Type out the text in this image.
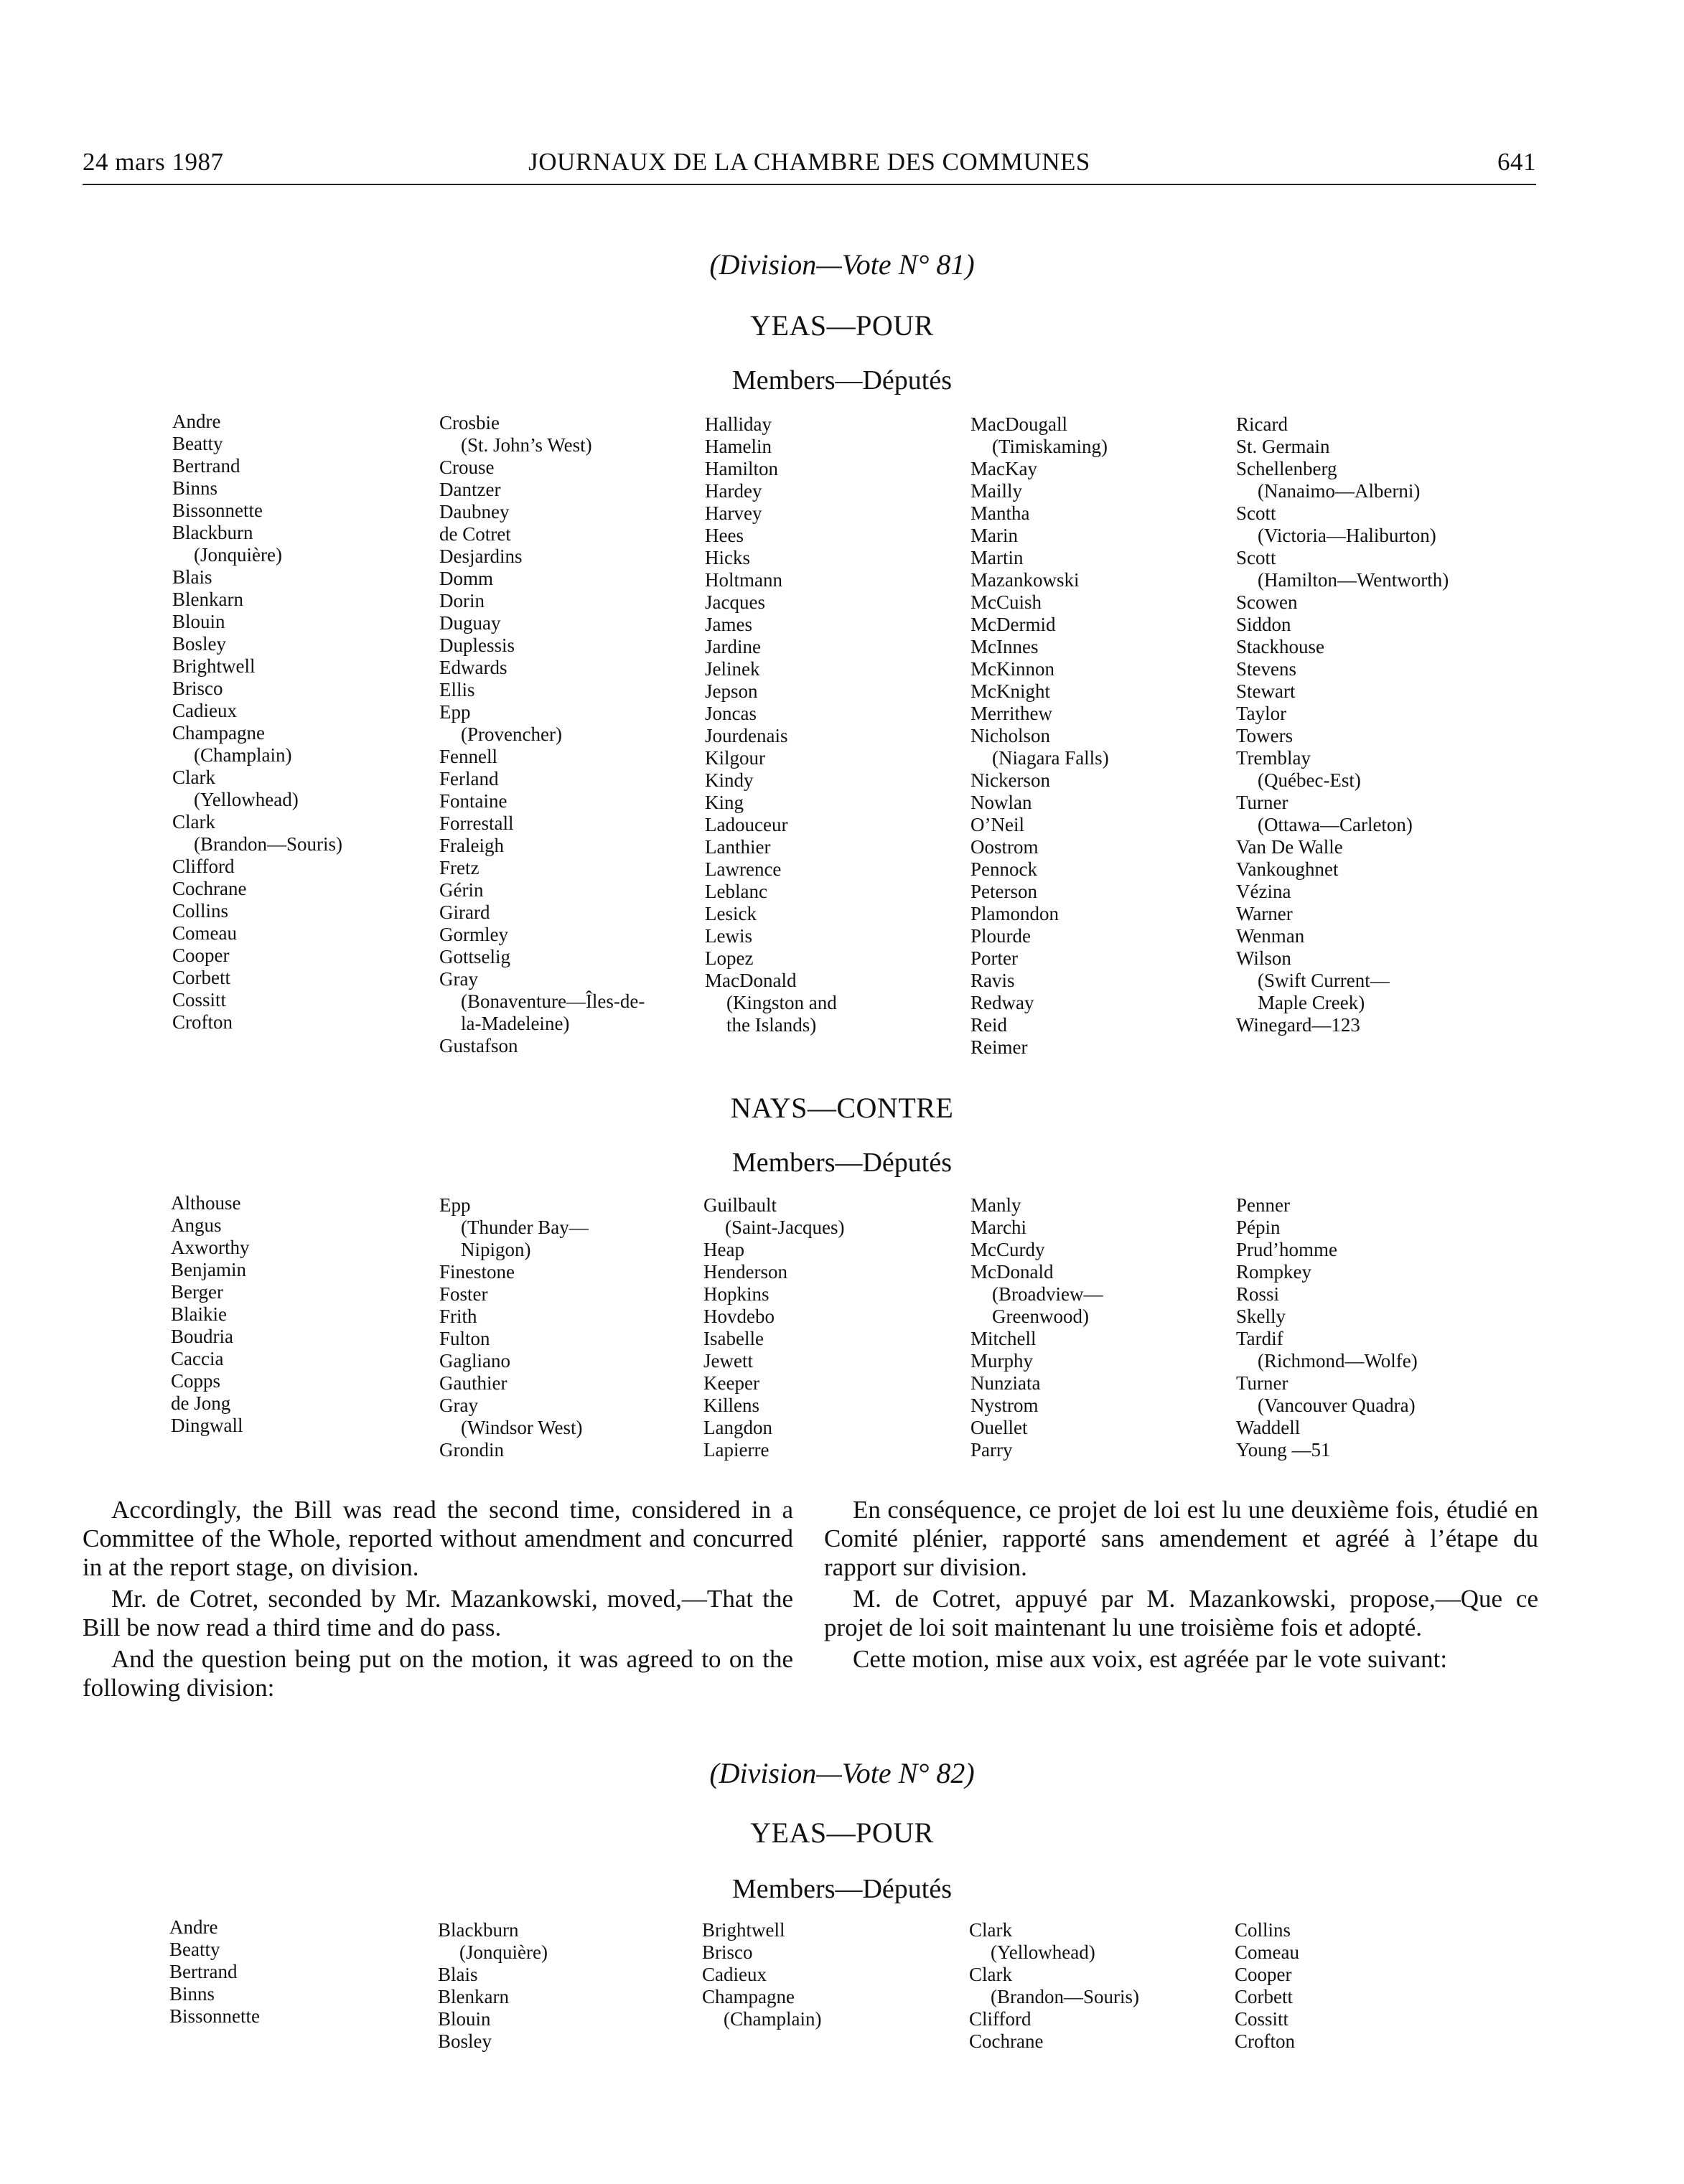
24 mars 1987	JOURNAUX DE LA CHAMBRE DES COMMUNES	641
(Division—Vote N° 81)
YEAS—POUR
Members—Députés
Andre
Beatty
Bertrand
Binns
Bissonnette
Blackburn
(Jonquière)
Blais
Blenkarn
Blouin
Bosley
Brightwell
Brisco
Cadieux
Champagne
(Champlain)
Clark
(Yellowhead)
Clark
(Brandon—Souris)
Clifford
Cochrane
Collins
Comeau
Cooper
Corbett
Cossitt
Crofton
Crosbie
(St. John’s West)
Crouse
Dantzer
Daubney
de Cotret
Desjardins
Domm
Dorin
Duguay
Duplessis
Edwards
Ellis
Epp
(Provencher)
Fennell
Ferland
Fontaine
Forrestall
Fraleigh
Fretz
Gérin
Girard
Gormley
Gottselig
Gray
(Bonaventure—Îles-de-
la-Madeleine)
Gustafson
Halliday
Hamelin
Hamilton
Hardey
Harvey
Hees
Hicks
Holtmann
Jacques
James
Jardine
Jelinek
Jepson
Joncas
Jourdenais
Kilgour
Kindy
King
Ladouceur
Lanthier
Lawrence
Leblanc
Lesick
Lewis
Lopez
MacDonald
(Kingston and
the Islands)
MacDougall
(Timiskaming)
MacKay
Mailly
Mantha
Marin
Martin
Mazankowski
McCuish
McDermid
McInnes
McKinnon
McKnight
Merrithew
Nicholson
(Niagara Falls)
Nickerson
Nowlan
O’Neil
Oostrom
Pennock
Peterson
Plamondon
Plourde
Porter
Ravis
Redway
Reid
Reimer
Ricard
St. Germain
Schellenberg
(Nanaimo—Alberni)
Scott
(Victoria—Haliburton)
Scott
(Hamilton—Wentworth)
Scowen
Siddon
Stackhouse
Stevens
Stewart
Taylor
Towers
Tremblay
(Québec-Est)
Turner
(Ottawa—Carleton)
Van De Walle
Vankoughnet
Vézina
Warner
Wenman
Wilson
(Swift Current—
Maple Creek)
Winegard—123
NAYS—CONTRE
Members—Députés
Althouse
Angus
Axworthy
Benjamin
Berger
Blaikie
Boudria
Caccia
Copps
de Jong
Dingwall
Epp
(Thunder Bay—
Nipigon)
Finestone
Foster
Frith
Fulton
Gagliano
Gauthier
Gray
(Windsor West)
Grondin
Guilbault
(Saint-Jacques)
Heap
Henderson
Hopkins
Hovdebo
Isabelle
Jewett
Keeper
Killens
Langdon
Lapierre
Manly
Marchi
McCurdy
McDonald
(Broadview—
Greenwood)
Mitchell
Murphy
Nunziata
Nystrom
Ouellet
Parry
Penner
Pépin
Prud’homme
Rompkey
Rossi
Skelly
Tardif
(Richmond—Wolfe)
Turner
(Vancouver Quadra)
Waddell
Young —51
Accordingly, the Bill was read the second time, considered in a Committee of the Whole, reported without amendment and concurred in at the report stage, on division.
Mr. de Cotret, seconded by Mr. Mazankowski, moved,—That the Bill be now read a third time and do pass.
And the question being put on the motion, it was agreed to on the following division:
En conséquence, ce projet de loi est lu une deuxième fois, étudié en Comité plénier, rapporté sans amendement et agréé à l’étape du rapport sur division.
M. de Cotret, appuyé par M. Mazankowski, propose,—Que ce projet de loi soit maintenant lu une troisième fois et adopté.
Cette motion, mise aux voix, est agréée par le vote suivant:
(Division—Vote N° 82)
YEAS—POUR
Members—Députés
Andre
Beatty
Bertrand
Binns
Bissonnette
Blackburn
(Jonquière)
Blais
Blenkarn
Blouin
Bosley
Brightwell
Brisco
Cadieux
Champagne
(Champlain)
Clark
(Yellowhead)
Clark
(Brandon—Souris)
Clifford
Cochrane
Collins
Comeau
Cooper
Corbett
Cossitt
Crofton
